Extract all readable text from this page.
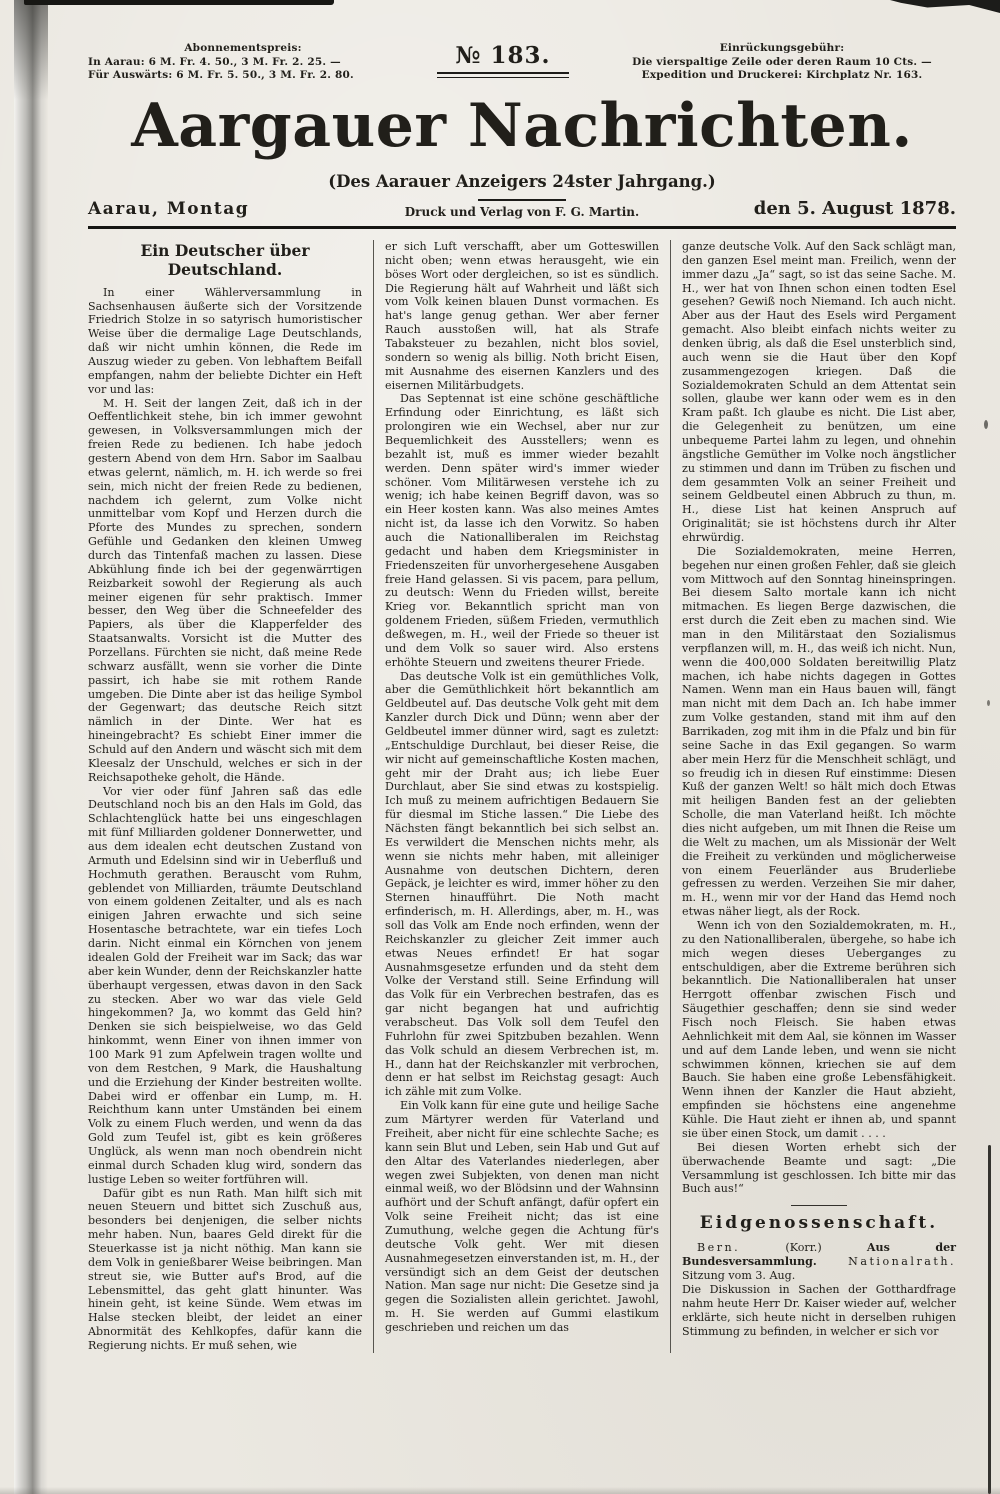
Abonnementspreis:
In Aarau: 6 M. Fr. 4. 50., 3 M. Fr. 2. 25. —
Für Auswärts: 6 M. Fr. 5. 50., 3 M. Fr. 2. 80.
№ 183.	Einrückungsgebühr:
Die vierspaltige Zeile oder deren Raum 10 Cts. —
Expedition und Druckerei: Kirchplatz Nr. 163.
Aargauer Nachrichten.
(Des Aarauer Anzeigers 24ster Jahrgang.)
Aarau, Montag	Druck und Verlag von F. G. Martin.	den 5. August 1878.

Ein Deutscher über Deutschland.

In einer Wählerversammlung in Sachsenhausen äußerte sich der Vorsitzende Friedrich Stolze in so satyrisch humoristischer Weise über die dermalige Lage Deutschlands, daß wir nicht umhin können, die Rede im Auszug wieder zu geben. Von lebhaftem Beifall empfangen, nahm der beliebte Dichter ein Heft vor und las:

M. H. Seit der langen Zeit, daß ich in der Oeffentlichkeit stehe, bin ich immer gewohnt gewesen, in Volksversammlungen mich der freien Rede zu bedienen. Ich habe jedoch gestern Abend von dem Hrn. Sabor im Saalbau etwas gelernt, nämlich, m. H. ich werde so frei sein, mich nicht der freien Rede zu bedienen, nachdem ich gelernt, zum Volke nicht unmittelbar vom Kopf und Herzen durch die Pforte des Mundes zu sprechen, sondern Gefühle und Gedanken den kleinen Umweg durch das Tintenfaß machen zu lassen. Diese Abkühlung finde ich bei der gegenwärrtigen Reizbarkeit sowohl der Regierung als auch meiner eigenen für sehr praktisch. Immer besser, den Weg über die Schneefelder des Papiers, als über die Klapperfelder des Staatsanwalts. Vorsicht ist die Mutter des Porzellans. Fürchten sie nicht, daß meine Rede schwarz ausfällt, wenn sie vorher die Dinte passirt, ich habe sie mit rothem Rande umgeben. Die Dinte aber ist das heilige Symbol der Gegenwart; das deutsche Reich sitzt nämlich in der Dinte. Wer hat es hineingebracht? Es schiebt Einer immer die Schuld auf den Andern und wäscht sich mit dem Kleesalz der Unschuld, welches er sich in der Reichsapotheke geholt, die Hände.

Vor vier oder fünf Jahren saß das edle Deutschland noch bis an den Hals im Gold, das Schlachtenglück hatte bei uns eingeschlagen mit fünf Milliarden goldener Donnerwetter, und aus dem idealen echt deutschen Zustand von Armuth und Edelsinn sind wir in Ueberfluß und Hochmuth gerathen. Berauscht vom Ruhm, geblendet von Milliarden, träumte Deutschland von einem goldenen Zeitalter, und als es nach einigen Jahren erwachte und sich seine Hosentasche betrachtete, war ein tiefes Loch darin. Nicht einmal ein Körnchen von jenem idealen Gold der Freiheit war im Sack; das war aber kein Wunder, denn der Reichskanzler hatte überhaupt vergessen, etwas davon in den Sack zu stecken. Aber wo war das viele Geld hingekommen? Ja, wo kommt das Geld hin? Denken sie sich beispielweise, wo das Geld hinkommt, wenn Einer von ihnen immer von 100 Mark 91 zum Apfelwein tragen wollte und von dem Restchen, 9 Mark, die Haushaltung und die Erziehung der Kinder bestreiten wollte. Dabei wird er offenbar ein Lump, m. H. Reichthum kann unter Umständen bei einem Volk zu einem Fluch werden, und wenn da das Gold zum Teufel ist, gibt es kein größeres Unglück, als wenn man noch obendrein nicht einmal durch Schaden klug wird, sondern das lustige Leben so weiter fortführen will.

Dafür gibt es nun Rath. Man hilft sich mit neuen Steuern und bittet sich Zuschuß aus, besonders bei denjenigen, die selber nichts mehr haben. Nun, baares Geld direkt für die Steuerkasse ist ja nicht nöthig. Man kann sie dem Volk in genießbarer Weise beibringen. Man streut sie, wie Butter auf's Brod, auf die Lebensmittel, das geht glatt hinunter. Was hinein geht, ist keine Sünde. Wem etwas im Halse stecken bleibt, der leidet an einer Abnormität des Kehlkopfes, dafür kann die Regierung nichts. Er muß sehen, wie

er sich Luft verschafft, aber um Gotteswillen nicht oben; wenn etwas herausgeht, wie ein böses Wort oder dergleichen, so ist es sündlich. Die Regierung hält auf Wahrheit und läßt sich vom Volk keinen blauen Dunst vormachen. Es hat's lange genug gethan. Wer aber ferner Rauch ausstoßen will, hat als Strafe Tabaksteuer zu bezahlen, nicht blos soviel, sondern so wenig als billig. Noth bricht Eisen, mit Ausnahme des eisernen Kanzlers und des eisernen Militärbudgets.

Das Septennat ist eine schöne geschäftliche Erfindung oder Einrichtung, es läßt sich prolongiren wie ein Wechsel, aber nur zur Bequemlichkeit des Ausstellers; wenn es bezahlt ist, muß es immer wieder bezahlt werden. Denn später wird's immer wieder schöner. Vom Militärwesen verstehe ich zu wenig; ich habe keinen Begriff davon, was so ein Heer kosten kann. Was also meines Amtes nicht ist, da lasse ich den Vorwitz. So haben auch die Nationalliberalen im Reichstag gedacht und haben dem Kriegsminister in Friedenszeiten für unvorhergesehene Ausgaben freie Hand gelassen. Si vis pacem, para pellum, zu deutsch: Wenn du Frieden willst, bereite Krieg vor. Bekanntlich spricht man von goldenem Frieden, süßem Frieden, vermuthlich deßwegen, m. H., weil der Friede so theuer ist und dem Volk so sauer wird. Also erstens erhöhte Steuern und zweitens theurer Friede.

Das deutsche Volk ist ein gemüthliches Volk, aber die Gemüthlichkeit hört bekanntlich am Geldbeutel auf. Das deutsche Volk geht mit dem Kanzler durch Dick und Dünn; wenn aber der Geldbeutel immer dünner wird, sagt es zuletzt: „Entschuldige Durchlaut, bei dieser Reise, die wir nicht auf gemeinschaftliche Kosten machen, geht mir der Draht aus; ich liebe Euer Durchlaut, aber Sie sind etwas zu kostspielig. Ich muß zu meinem aufrichtigen Bedauern Sie für diesmal im Stiche lassen.“ Die Liebe des Nächsten fängt bekanntlich bei sich selbst an. Es verwildert die Menschen nichts mehr, als wenn sie nichts mehr haben, mit alleiniger Ausnahme von deutschen Dichtern, deren Gepäck, je leichter es wird, immer höher zu den Sternen hinaufführt. Die Noth macht erfinderisch, m. H. Allerdings, aber, m. H., was soll das Volk am Ende noch erfinden, wenn der Reichskanzler zu gleicher Zeit immer auch etwas Neues erfindet! Er hat sogar Ausnahmsgesetze erfunden und da steht dem Volke der Verstand still. Seine Erfindung will das Volk für ein Verbrechen bestrafen, das es gar nicht begangen hat und aufrichtig verabscheut. Das Volk soll dem Teufel den Fuhrlohn für zwei Spitzbuben bezahlen. Wenn das Volk schuld an diesem Verbrechen ist, m. H., dann hat der Reichskanzler mit verbrochen, denn er hat selbst im Reichstag gesagt: Auch ich zähle mit zum Volke.

Ein Volk kann für eine gute und heilige Sache zum Märtyrer werden für Vaterland und Freiheit, aber nicht für eine schlechte Sache; es kann sein Blut und Leben, sein Hab und Gut auf den Altar des Vaterlandes niederlegen, aber wegen zwei Subjekten, von denen man nicht einmal weiß, wo der Blödsinn und der Wahnsinn aufhört und der Schuft anfängt, dafür opfert ein Volk seine Freiheit nicht; das ist eine Zumuthung, welche gegen die Achtung für's deutsche Volk geht. Wer mit diesen Ausnahmegesetzen einverstanden ist, m. H., der versündigt sich an dem Geist der deutschen Nation. Man sage nur nicht: Die Gesetze sind ja gegen die Sozialisten allein gerichtet. Jawohl, m. H. Sie werden auf Gummi elastikum geschrieben und reichen um das

ganze deutsche Volk. Auf den Sack schlägt man, den ganzen Esel meint man. Freilich, wenn der immer dazu „Ja“ sagt, so ist das seine Sache. M. H., wer hat von Ihnen schon einen todten Esel gesehen? Gewiß noch Niemand. Ich auch nicht. Aber aus der Haut des Esels wird Pergament gemacht. Also bleibt einfach nichts weiter zu denken übrig, als daß die Esel unsterblich sind, auch wenn sie die Haut über den Kopf zusammengezogen kriegen. Daß die Sozialdemokraten Schuld an dem Attentat sein sollen, glaube wer kann oder wem es in den Kram paßt. Ich glaube es nicht. Die List aber, die Gelegenheit zu benützen, um eine unbequeme Partei lahm zu legen, und ohnehin ängstliche Gemüther im Volke noch ängstlicher zu stimmen und dann im Trüben zu fischen und dem gesammten Volk an seiner Freiheit und seinem Geldbeutel einen Abbruch zu thun, m. H., diese List hat keinen Anspruch auf Originalität; sie ist höchstens durch ihr Alter ehrwürdig.

Die Sozialdemokraten, meine Herren, begehen nur einen großen Fehler, daß sie gleich vom Mittwoch auf den Sonntag hineinspringen. Bei diesem Salto mortale kann ich nicht mitmachen. Es liegen Berge dazwischen, die erst durch die Zeit eben zu machen sind. Wie man in den Militärstaat den Sozialismus verpflanzen will, m. H., das weiß ich nicht. Nun, wenn die 400,000 Soldaten bereitwillig Platz machen, ich habe nichts dagegen in Gottes Namen. Wenn man ein Haus bauen will, fängt man nicht mit dem Dach an. Ich habe immer zum Volke gestanden, stand mit ihm auf den Barrikaden, zog mit ihm in die Pfalz und bin für seine Sache in das Exil gegangen. So warm aber mein Herz für die Menschheit schlägt, und so freudig ich in diesen Ruf einstimme: Diesen Kuß der ganzen Welt! so hält mich doch Etwas mit heiligen Banden fest an der geliebten Scholle, die man Vaterland heißt. Ich möchte dies nicht aufgeben, um mit Ihnen die Reise um die Welt zu machen, um als Missionär der Welt die Freiheit zu verkünden und möglicherweise von einem Feuerländer aus Bruderliebe gefressen zu werden. Verzeihen Sie mir daher, m. H., wenn mir vor der Hand das Hemd noch etwas näher liegt, als der Rock.

Wenn ich von den Sozialdemokraten, m. H., zu den Nationalliberalen, übergehe, so habe ich mich wegen dieses Ueberganges zu entschuldigen, aber die Extreme berühren sich bekanntlich. Die Nationalliberalen hat unser Herrgott offenbar zwischen Fisch und Säugethier geschaffen; denn sie sind weder Fisch noch Fleisch. Sie haben etwas Aehnlichkeit mit dem Aal, sie können im Wasser und auf dem Lande leben, und wenn sie nicht schwimmen können, kriechen sie auf dem Bauch. Sie haben eine große Lebensfähigkeit. Wenn ihnen der Kanzler die Haut abzieht, empfinden sie höchstens eine angenehme Kühle. Die Haut zieht er ihnen ab, und spannt sie über einen Stock, um damit . . . .

Bei diesen Worten erhebt sich der überwachende Beamte und sagt: „Die Versammlung ist geschlossen. Ich bitte mir das Buch aus!“

Eidgenossenschaft.

Bern.	(Korr.)	Aus der Bundesversammlung.	Nationalrath. Sitzung vom 3. Aug.

Die Diskussion in Sachen der Gotthardfrage nahm heute Herr Dr. Kaiser wieder auf, welcher erklärte, sich heute nicht in derselben ruhigen Stimmung zu befinden, in welcher er sich vor
